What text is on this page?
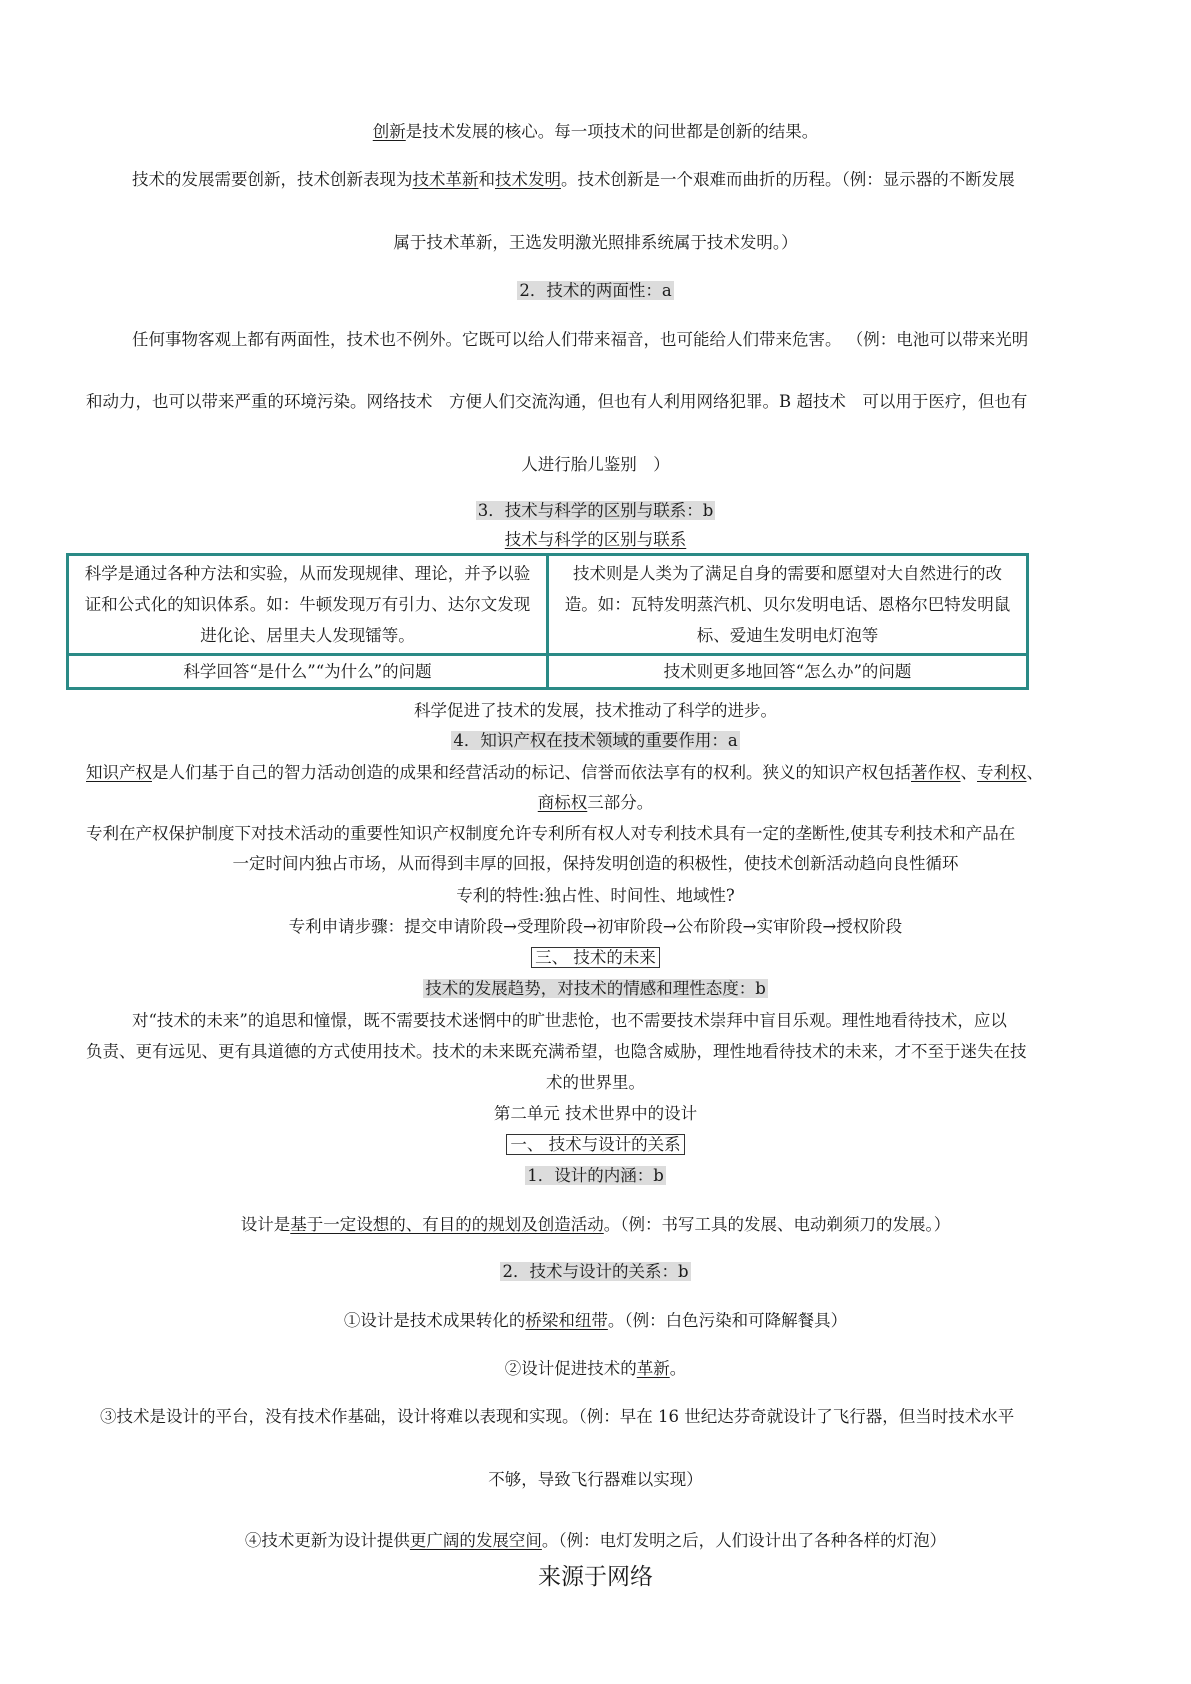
创新是技术发展的核心。每一项技术的问世都是创新的结果。
技术的发展需要创新，技术创新表现为技术革新和技术发明。技术创新是一个艰难而曲折的历程。（例：显示器的不断发展
属于技术革新，王选发明激光照排系统属于技术发明。）
2．技术的两面性：a
任何事物客观上都有两面性，技术也不例外。它既可以给人们带来福音，也可能给人们带来危害。 （例：电池可以带来光明
和动力，也可以带来严重的环境污染。网络技术　方便人们交流沟通，但也有人利用网络犯罪。B 超技术　可以用于医疗，但也有
人进行胎儿鉴别　）
3．技术与科学的区别与联系：b
技术与科学的区别与联系
科学是通过各种方法和实验，从而发现规律、理论，并予以验证和公式化的知识体系。如：牛顿发现万有引力、达尔文发现进化论、居里夫人发现镭等。	技术则是人类为了满足自身的需要和愿望对大自然进行的改造。如：瓦特发明蒸汽机、贝尔发明电话、恩格尔巴特发明鼠标、爱迪生发明电灯泡等
科学回答“是什么”“为什么”的问题	技术则更多地回答“怎么办”的问题
科学促进了技术的发展，技术推动了科学的进步。
4．知识产权在技术领域的重要作用：a
知识产权是人们基于自己的智力活动创造的成果和经营活动的标记、信誉而依法享有的权利。狭义的知识产权包括著作权、专利权、
商标权三部分。
专利在产权保护制度下对技术活动的重要性知识产权制度允许专利所有权人对专利技术具有一定的垄断性,使其专利技术和产品在
一定时间内独占市场，从而得到丰厚的回报，保持发明创造的积极性，使技术创新活动趋向良性循环
专利的特性:独占性、时间性、地域性?
专利申请步骤：提交申请阶段→受理阶段→初审阶段→公布阶段→实审阶段→授权阶段
三、 技术的未来
技术的发展趋势，对技术的情感和理性态度：b
对“技术的未来”的追思和憧憬，既不需要技术迷惘中的旷世悲怆，也不需要技术崇拜中盲目乐观。理性地看待技术，应以
负责、更有远见、更有具道德的方式使用技术。技术的未来既充满希望，也隐含威胁，理性地看待技术的未来，才不至于迷失在技
术的世界里。
第二单元 技术世界中的设计
一、 技术与设计的关系
1．设计的内涵：b
设计是基于一定设想的、有目的的规划及创造活动。（例：书写工具的发展、电动剃须刀的发展。）
2．技术与设计的关系：b
①设计是技术成果转化的桥梁和纽带。（例：白色污染和可降解餐具）
②设计促进技术的革新。
③技术是设计的平台，没有技术作基础，设计将难以表现和实现。（例：早在 16 世纪达芬奇就设计了飞行器，但当时技术水平
不够，导致飞行器难以实现）
④技术更新为设计提供更广阔的发展空间。（例：电灯发明之后，人们设计出了各种各样的灯泡）
来源于网络
